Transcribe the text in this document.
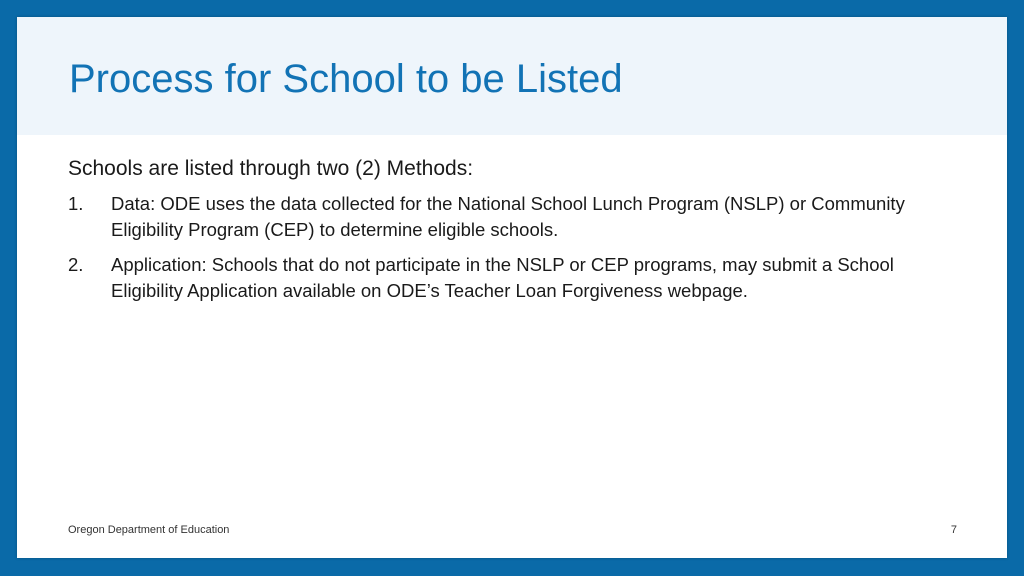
Process for School to be Listed

Schools are listed through two (2) Methods:

1. Data: ODE uses the data collected for the National School Lunch Program (NSLP) or Community Eligibility Program (CEP) to determine eligible schools.
2. Application: Schools that do not participate in the NSLP or CEP programs, may submit a School Eligibility Application available on ODE’s Teacher Loan Forgiveness webpage.
Oregon Department of Education	7
